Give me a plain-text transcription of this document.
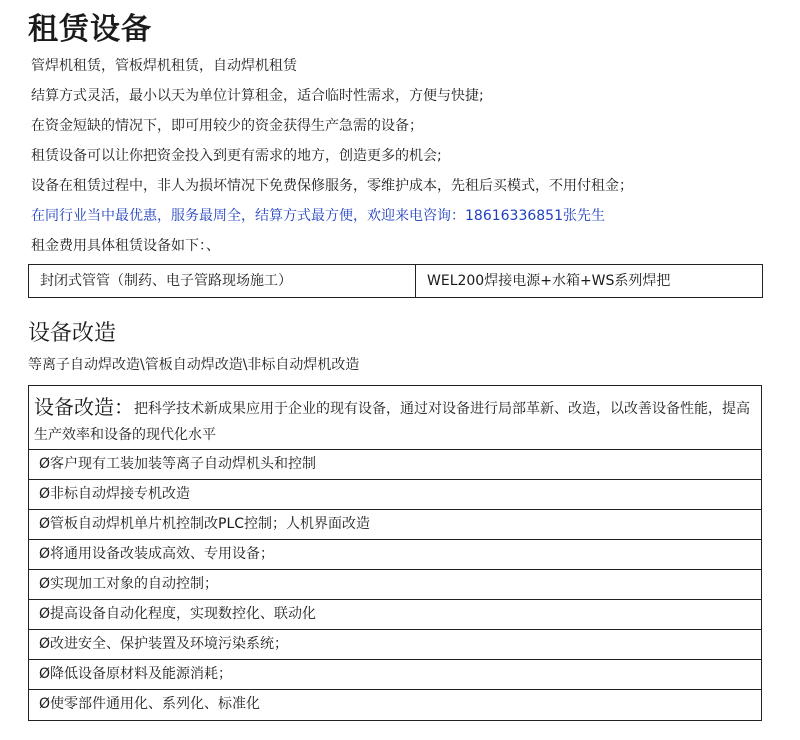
租赁设备
管焊机租赁，管板焊机租赁，自动焊机租赁
结算方式灵活，最小以天为单位计算租金，适合临时性需求，方便与快捷;
在资金短缺的情况下，即可用较少的资金获得生产急需的设备；
租赁设备可以让你把资金投入到更有需求的地方，创造更多的机会;
设备在租赁过程中，非人为损坏情况下免费保修服务，零维护成本，先租后买模式，不用付租金；
在同行业当中最优惠，服务最周全，结算方式最方便，欢迎来电咨询：18616336851张先生
租金费用具体租赁设备如下：、
封闭式管管（制药、电子管路现场施工）	WEL200焊接电源+水箱+WS系列焊把
设备改造
等离子自动焊改造\管板自动焊改造\非标自动焊机改造
设备改造：把科学技术新成果应用于企业的现有设备，通过对设备进行局部革新、改造，以改善设备性能，提高生产效率和设备的现代化水平
Ø客户现有工装加装等离子自动焊机头和控制
Ø非标自动焊接专机改造
Ø管板自动焊机单片机控制改PLC控制；人机界面改造
Ø将通用设备改装成高效、专用设备；
Ø实现加工对象的自动控制；
Ø提高设备自动化程度，实现数控化、联动化
Ø改进安全、保护装置及环境污染系统；
Ø降低设备原材料及能源消耗；
Ø使零部件通用化、系列化、标准化
